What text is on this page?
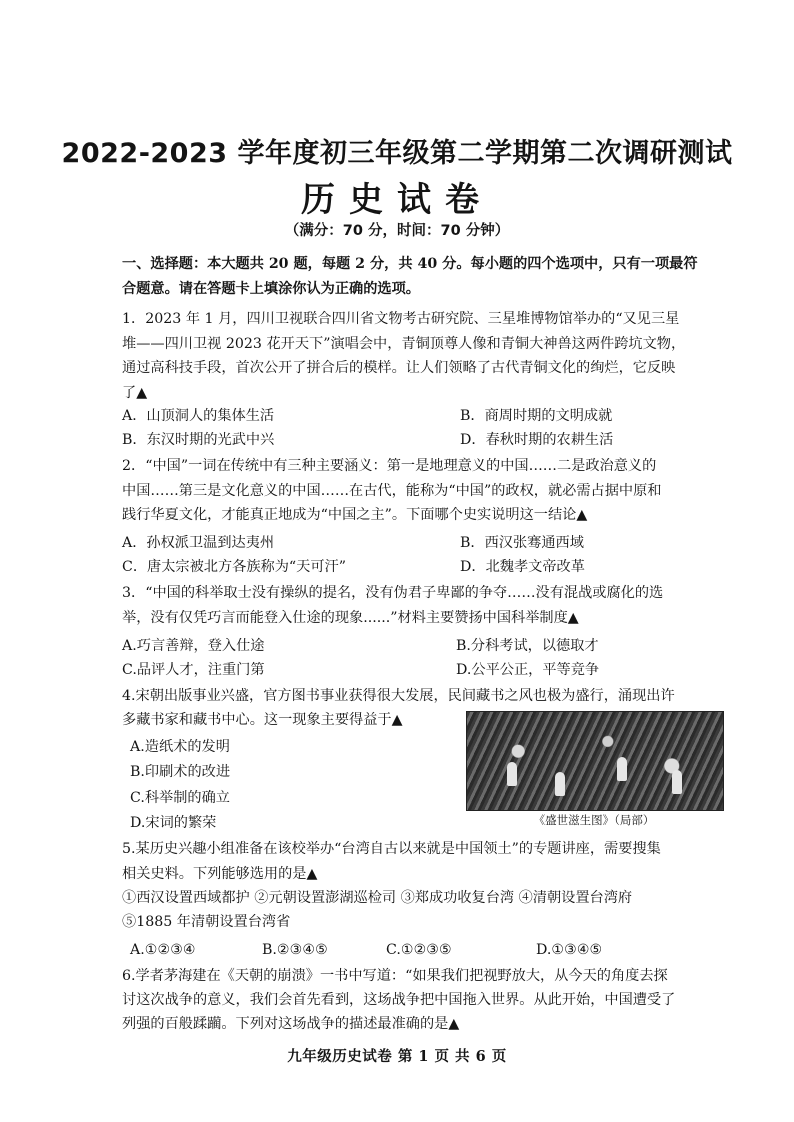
2022-2023 学年度初三年级第二学期第二次调研测试
历史试卷
（满分：70 分，时间：70 分钟）
一、选择题：本大题共 20 题，每题 2 分，共 40 分。每小题的四个选项中，只有一项最符
合题意。请在答题卡上填涂你认为正确的选项。
1．2023 年 1 月，四川卫视联合四川省文物考古研究院、三星堆博物馆举办的“又见三星
堆——四川卫视 2023 花开天下”演唱会中，青铜顶尊人像和青铜大神兽这两件跨坑文物，
通过高科技手段，首次公开了拼合后的模样。让人们领略了古代青铜文化的绚烂，它反映
了▲
A．山顶洞人的集体生活	B．商周时期的文明成就
B．东汉时期的光武中兴	D．春秋时期的农耕生活
2．“中国”一词在传统中有三种主要涵义：第一是地理意义的中国……二是政治意义的
中国……第三是文化意义的中国……在古代，能称为“中国”的政权，就必需占据中原和
践行华夏文化，才能真正地成为“中国之主”。下面哪个史实说明这一结论▲
A．孙权派卫温到达夷州	B．西汉张骞通西域
C．唐太宗被北方各族称为“天可汗”	D．北魏孝文帝改革
3．“中国的科举取士没有操纵的提名，没有伪君子卑鄙的争夺……没有混战或腐化的选
举，没有仅凭巧言而能登入仕途的现象......”材料主要赞扬中国科举制度▲
A.巧言善辩，登入仕途	B.分科考试，以德取才
C.品评人才，注重门第	D.公平公正，平等竞争
4.宋朝出版事业兴盛，官方图书事业获得很大发展，民间藏书之风也极为盛行，涌现出许
多藏书家和藏书中心。这一现象主要得益于▲
A.造纸术的发明
B.印刷术的改进
C.科举制的确立
D.宋词的繁荣	《盛世滋生图》（局部）
5.某历史兴趣小组准备在该校举办“台湾自古以来就是中国领土”的专题讲座，需要搜集
相关史料。下列能够选用的是▲
①西汉设置西域都护 ②元朝设置澎湖巡检司 ③郑成功收复台湾 ④清朝设置台湾府
⑤1885 年清朝设置台湾省
A.①②③④	B.②③④⑤	C.①②③⑤	D.①③④⑤
6.学者茅海建在《天朝的崩溃》一书中写道：“如果我们把视野放大，从今天的角度去探
讨这次战争的意义，我们会首先看到，这场战争把中国拖入世界。从此开始，中国遭受了
列强的百般蹂躏。下列对这场战争的描述最准确的是▲
九年级历史试卷 第 1 页 共 6 页
